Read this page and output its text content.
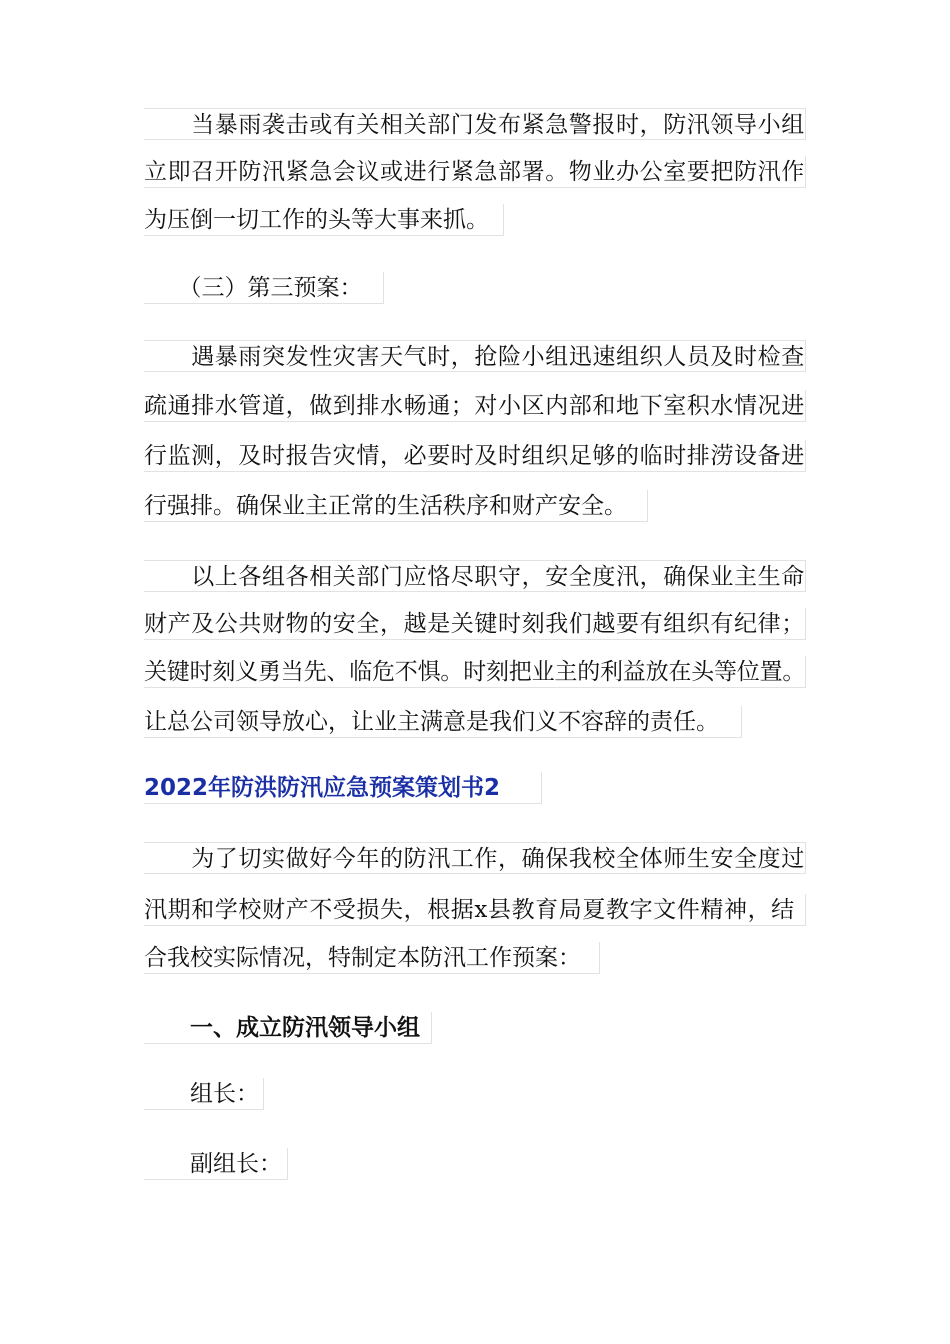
　　当暴雨袭击或有关相关部门发布紧急警报时，防汛领导小组
立即召开防汛紧急会议或进行紧急部署。物业办公室要把防汛作
为压倒一切工作的头等大事来抓。
　　（三）第三预案：
　　遇暴雨突发性灾害天气时，抢险小组迅速组织人员及时检查
疏通排水管道，做到排水畅通；对小区内部和地下室积水情况进
行监测，及时报告灾情，必要时及时组织足够的临时排涝设备进
行强排。确保业主正常的生活秩序和财产安全。
　　以上各组各相关部门应恪尽职守，安全度汛，确保业主生命
财产及公共财物的安全，越是关键时刻我们越要有组织有纪律；
关键时刻义勇当先、临危不惧。时刻把业主的利益放在头等位置。
让总公司领导放心，让业主满意是我们义不容辞的责任。
2022年防洪防汛应急预案策划书2
　　为了切实做好今年的防汛工作，确保我校全体师生安全度过
汛期和学校财产不受损失，根据x县教育局夏教字文件精神，结
合我校实际情况，特制定本防汛工作预案：
　　一、成立防汛领导小组
　　组长：
　　副组长：
